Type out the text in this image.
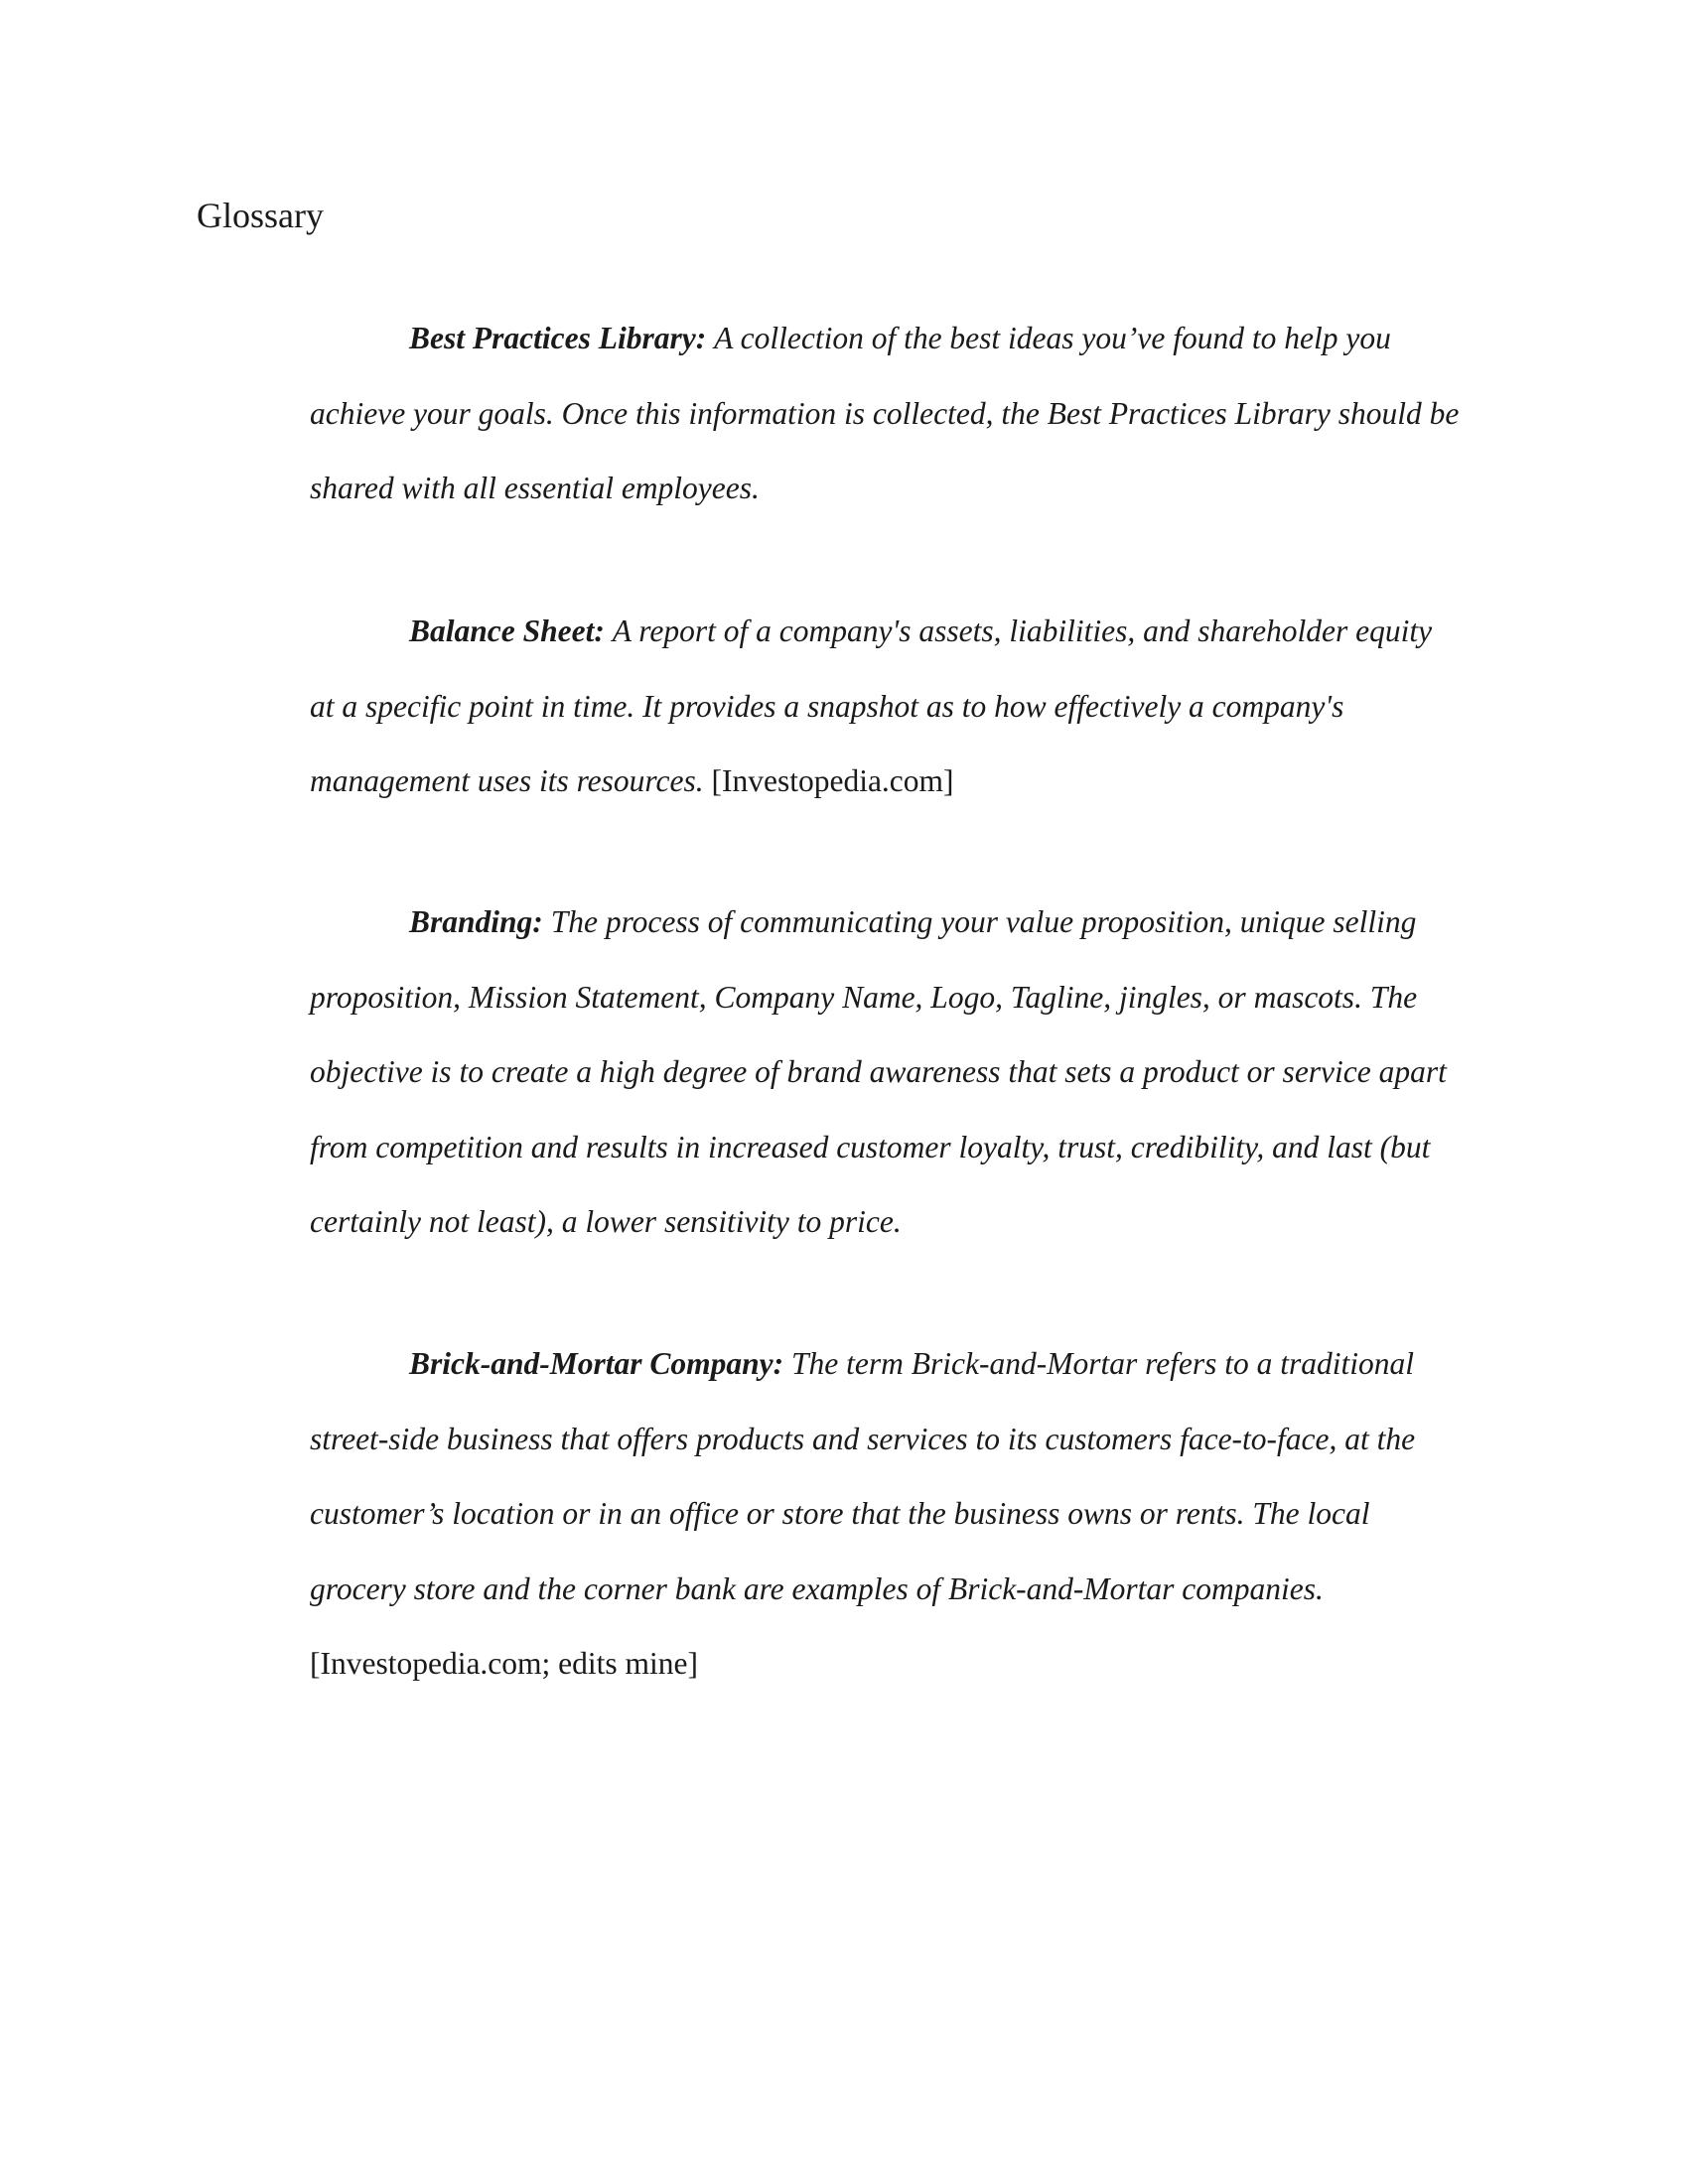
Glossary

Best Practices Library: A collection of the best ideas you’ve found to help you achieve your goals. Once this information is collected, the Best Practices Library should be shared with all essential employees.

Balance Sheet: A report of a company's assets, liabilities, and shareholder equity at a specific point in time. It provides a snapshot as to how effectively a company's management uses its resources. [Investopedia.com]

Branding: The process of communicating your value proposition, unique selling proposition, Mission Statement, Company Name, Logo, Tagline, jingles, or mascots. The objective is to create a high degree of brand awareness that sets a product or service apart from competition and results in increased customer loyalty, trust, credibility, and last (but certainly not least), a lower sensitivity to price.

Brick-and-Mortar Company: The term Brick-and-Mortar refers to a traditional street-side business that offers products and services to its customers face-to-face, at the customer’s location or in an office or store that the business owns or rents. The local grocery store and the corner bank are examples of Brick-and-Mortar companies. [Investopedia.com; edits mine]
